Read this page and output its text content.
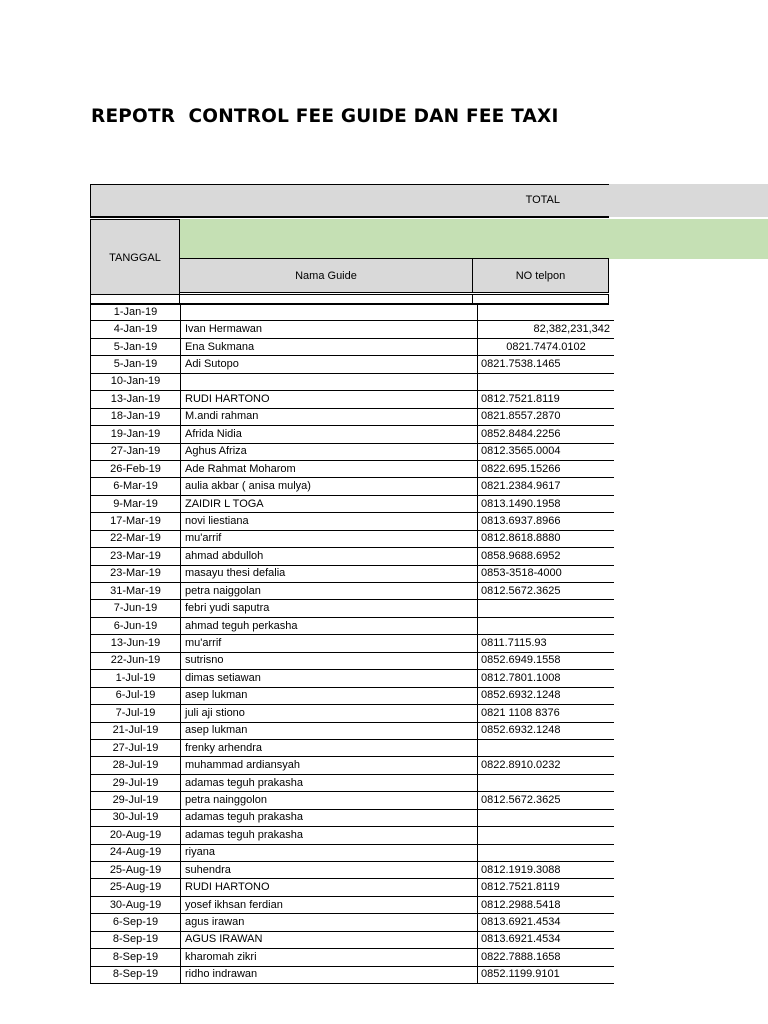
REPOTR  CONTROL FEE GUIDE DAN FEE TAXI
TOTAL
TANGGAL
Nama Guide	NO telpon
1-Jan-19		
4-Jan-19	Ivan Hermawan	82,382,231,342
5-Jan-19	Ena Sukmana	0821.7474.0102
5-Jan-19	Adi Sutopo	0821.7538.1465
10-Jan-19		
13-Jan-19	RUDI HARTONO	0812.7521.8119
18-Jan-19	M.andi rahman	0821.8557.2870
19-Jan-19	Afrida Nidia	0852.8484.2256
27-Jan-19	Aghus Afriza	0812.3565.0004
26-Feb-19	Ade Rahmat Moharom	0822.695.15266
6-Mar-19	aulia akbar ( anisa mulya)	0821.2384.9617
9-Mar-19	ZAIDIR L TOGA	0813.1490.1958
17-Mar-19	novi liestiana	0813.6937.8966
22-Mar-19	mu'arrif	0812.8618.8880
23-Mar-19	ahmad abdulloh	0858.9688.6952
23-Mar-19	masayu thesi defalia	0853-3518-4000
31-Mar-19	petra naiggolan	0812.5672.3625
7-Jun-19	febri yudi saputra	
6-Jun-19	ahmad teguh perkasha	
13-Jun-19	mu'arrif	0811.7115.93
22-Jun-19	sutrisno	0852.6949.1558
1-Jul-19	dimas setiawan	0812.7801.1008
6-Jul-19	asep lukman	0852.6932.1248
7-Jul-19	juli aji stiono	0821 1108 8376
21-Jul-19	asep lukman	0852.6932.1248
27-Jul-19	frenky arhendra	
28-Jul-19	muhammad ardiansyah	0822.8910.0232
29-Jul-19	adamas teguh prakasha	
29-Jul-19	petra nainggolon	0812.5672.3625
30-Jul-19	adamas teguh prakasha	
20-Aug-19	adamas teguh prakasha	
24-Aug-19	riyana	
25-Aug-19	suhendra	0812.1919.3088
25-Aug-19	RUDI HARTONO	0812.7521.8119
30-Aug-19	yosef ikhsan ferdian	0812.2988.5418
6-Sep-19	agus irawan	0813.6921.4534
8-Sep-19	AGUS IRAWAN	0813.6921.4534
8-Sep-19	kharomah zikri	0822.7888.1658
8-Sep-19	ridho indrawan	0852.1199.9101
